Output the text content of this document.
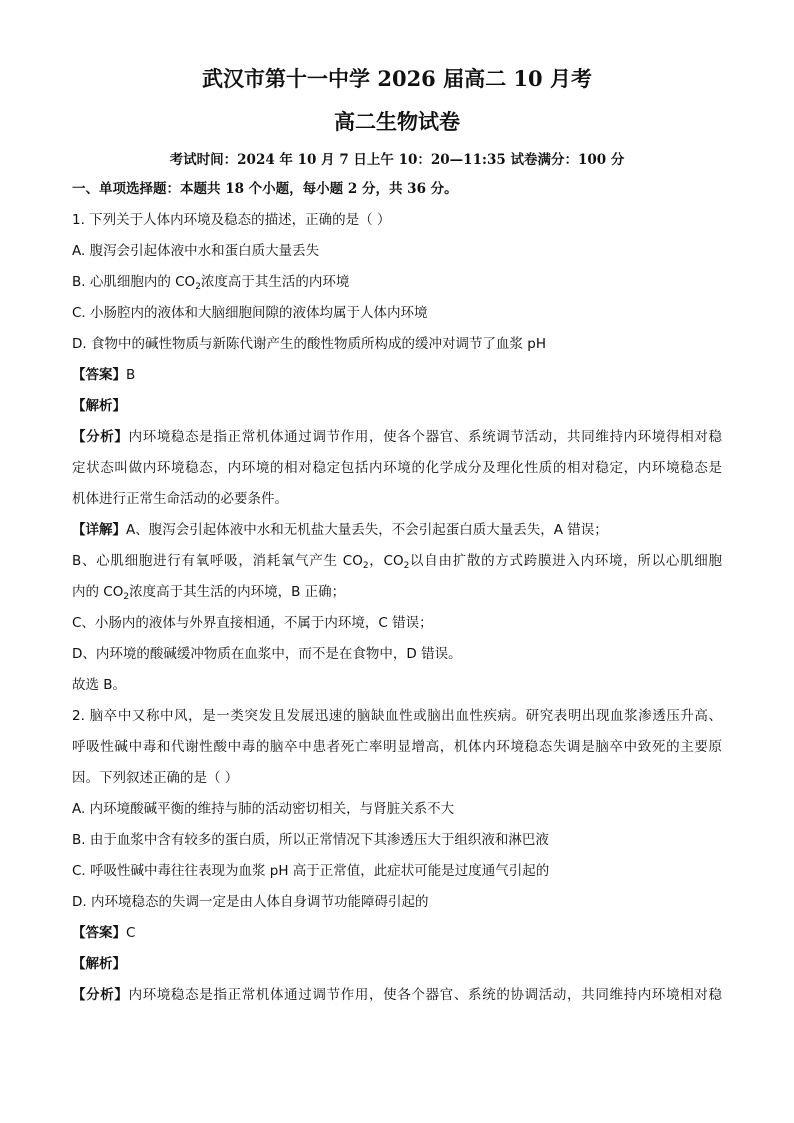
武汉市第十一中学 2026 届高二 10 月考
高二生物试卷

考试时间：2024 年 10 月 7 日上午 10：20—11:35 试卷满分：100 分

一、单项选择题：本题共 18 个小题，每小题 2 分，共 36 分。

1. 下列关于人体内环境及稳态的描述，正确的是（ ）

A. 腹泻会引起体液中水和蛋白质大量丢失

B. 心肌细胞内的 $CO_2$浓度高于其生活的内环境

C. 小肠腔内的液体和大脑细胞间隙的液体均属于人体内环境

D. 食物中的碱性物质与新陈代谢产生的酸性物质所构成的缓冲对调节了血浆 pH

【答案】B

【解析】

【分析】内环境稳态是指正常机体通过调节作用，使各个器官、系统调节活动，共同维持内环境得相对稳

定状态叫做内环境稳态，内环境的相对稳定包括内环境的化学成分及理化性质的相对稳定，内环境稳态是

机体进行正常生命活动的必要条件。

【详解】A、腹泻会引起体液中水和无机盐大量丢失，不会引起蛋白质大量丢失，A 错误；

B、心肌细胞进行有氧呼吸，消耗氧气产生 $CO_2$，$CO_2$以自由扩散的方式跨膜进入内环境，所以心肌细胞

内的 $CO_2$浓度高于其生活的内环境，B 正确；

C、小肠内的液体与外界直接相通，不属于内环境，C 错误；

D、内环境的酸碱缓冲物质在血浆中，而不是在食物中，D 错误。

故选 B。

2. 脑卒中又称中风，是一类突发且发展迅速的脑缺血性或脑出血性疾病。研究表明出现血浆渗透压升高、

呼吸性碱中毒和代谢性酸中毒的脑卒中患者死亡率明显增高，机体内环境稳态失调是脑卒中致死的主要原

因。下列叙述正确的是（ ）

A. 内环境酸碱平衡的维持与肺的活动密切相关，与肾脏关系不大

B. 由于血浆中含有较多的蛋白质，所以正常情况下其渗透压大于组织液和淋巴液

C. 呼吸性碱中毒往往表现为血浆 pH 高于正常值，此症状可能是过度通气引起的

D. 内环境稳态的失调一定是由人体自身调节功能障碍引起的

【答案】C

【解析】

【分析】内环境稳态是指正常机体通过调节作用，使各个器官、系统的协调活动，共同维持内环境相对稳
